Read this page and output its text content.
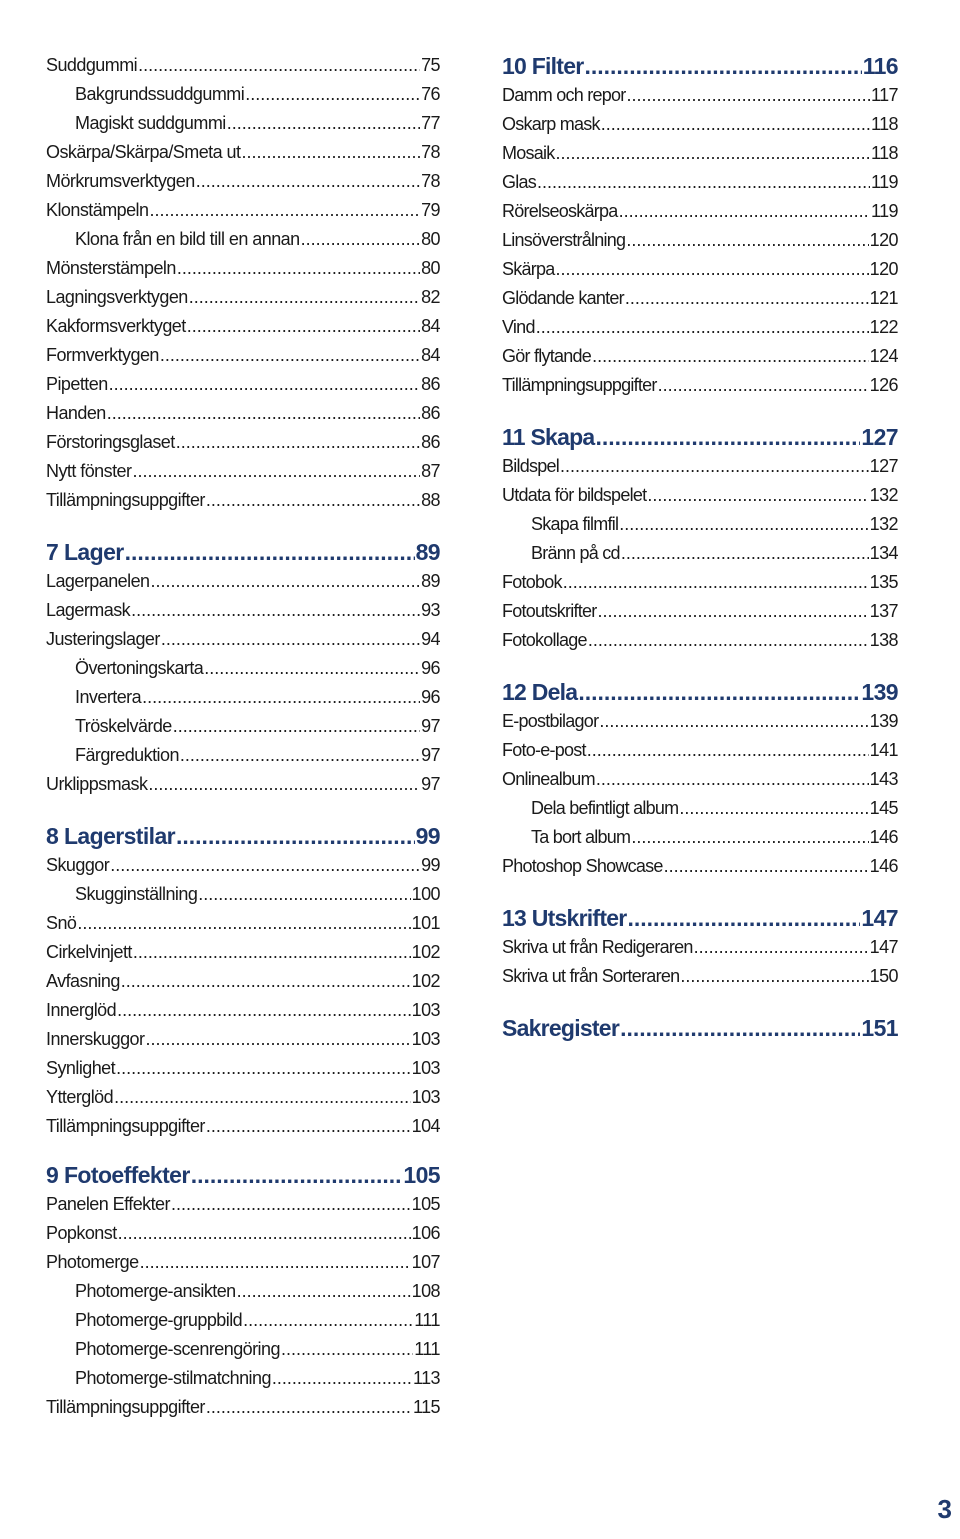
Suddgummi .....	75
Bakgrundssuddgummi .....	76
Magiskt suddgummi .....	77
Oskärpa/Skärpa/Smeta ut .....	78
Mörkrumsverktygen .....	78
Klonstämpeln .....	79
Klona från en bild till en annan .....	80
Mönsterstämpeln .....	80
Lagningsverktygen .....	82
Kakformsverktyget .....	84
Formverktygen .....	84
Pipetten .....	86
Handen .....	86
Förstoringsglaset .....	86
Nytt fönster .....	87
Tillämpningsuppgifter .....	88
7 Lager .....	89
Lagerpanelen .....	89
Lagermask .....	93
Justeringslager .....	94
Övertoningskarta .....	96
Invertera .....	96
Tröskelvärde .....	97
Färgreduktion .....	97
Urklippsmask .....	97
8 Lagerstilar .....	99
Skuggor .....	99
Skugginställning .....	100
Snö .....	101
Cirkelvinjett .....	102
Avfasning .....	102
Innerglöd .....	103
Innerskuggor .....	103
Synlighet .....	103
Ytterglöd .....	103
Tillämpningsuppgifter .....	104
10 Filter .....	116
Damm och repor .....	117
Oskarp mask .....	118
Mosaik .....	118
Glas .....	119
Rörelseoskärpa .....	119
Linsöverstrålning .....	120
Skärpa .....	120
Glödande kanter .....	121
Vind .....	122
Gör flytande .....	124
Tillämpningsuppgifter .....	126
11 Skapa .....	127
Bildspel .....	127
Utdata för bildspelet .....	132
Skapa filmfil .....	132
Bränn på cd .....	134
Fotobok .....	135
Fotoutskrifter .....	137
Fotokollage .....	138
12 Dela .....	139
E-postbilagor .....	139
Foto-e-post .....	141
Onlinealbum .....	143
Dela befintligt album .....	145
Ta bort album .....	146
Photoshop Showcase .....	146
13 Utskrifter .....	147
Skriva ut från Redigeraren .....	147
Skriva ut från Sorteraren .....	150
Sakregister .....	151
9 Fotoeffekter .....	105
Panelen Effekter .....	105
Popkonst .....	106
Photomerge .....	107
Photomerge-ansikten .....	108
Photomerge-gruppbild .....	111
Photomerge-scenrengöring .....	111
Photomerge-stilmatchning .....	113
Tillämpningsuppgifter .....	115
3
